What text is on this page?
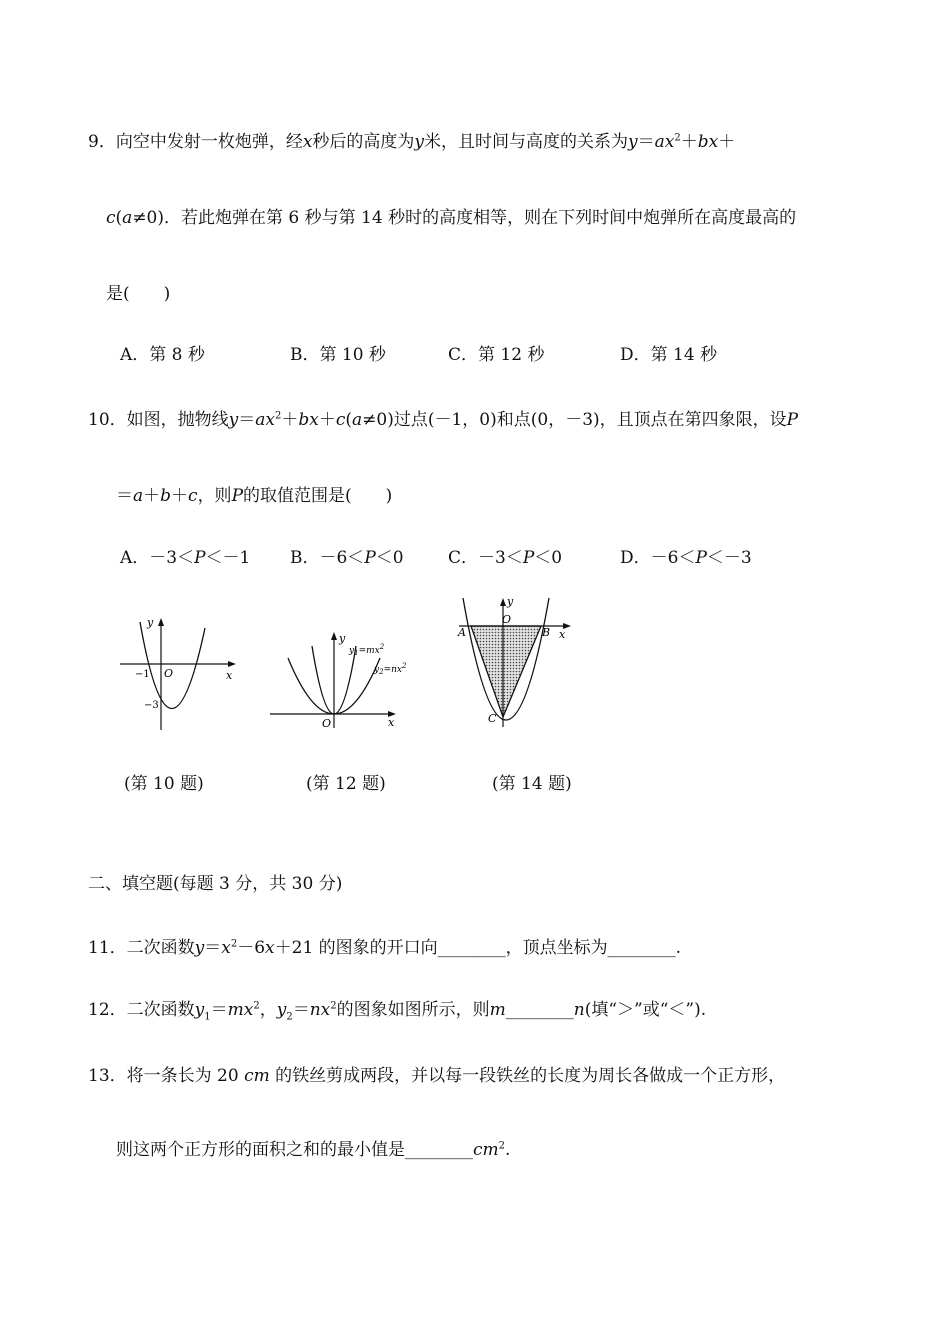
9．向空中发射一枚炮弹，经x秒后的高度为y米，且时间与高度的关系为$y=ax^2+bx+$
c(a≠0)．若此炮弹在第 6 秒与第 14 秒时的高度相等，则在下列时间中炮弹所在高度最高的
是(　　)
A．第 8 秒	B．第 10 秒	C．第 12 秒	D．第 14 秒
10．如图，抛物线$y=ax^2+bx+c(a\ne 0)$过点(－1，0)和点(0，－3)，且顶点在第四象限，设P
＝a＋b＋c，则P的取值范围是(　　)
A．－3＜P＜－1 B．－6＜P＜0	C．－3＜P＜0	D．－6＜P＜－3
y
x
O
−1
−3
y
x
O
$y_1=mx^2$
$y_2=nx^2$
y
x
O
A	B
C
(第 10 题)	(第 12 题)	(第 14 题)
二、填空题(每题 3 分，共 30 分)
11．二次函数$y=x^2-6x+21$ 的图象的开口向________，顶点坐标为________.
12．二次函数$y_1=mx^2$，$y_2=nx^2$的图象如图所示，则m________n(填“＞”或“＜”).
13．将一条长为 20 cm 的铁丝剪成两段，并以每一段铁丝的长度为周长各做成一个正方形，
则这两个正方形的面积之和的最小值是$\_\_\_\_\_\_\_\_cm^2$.
